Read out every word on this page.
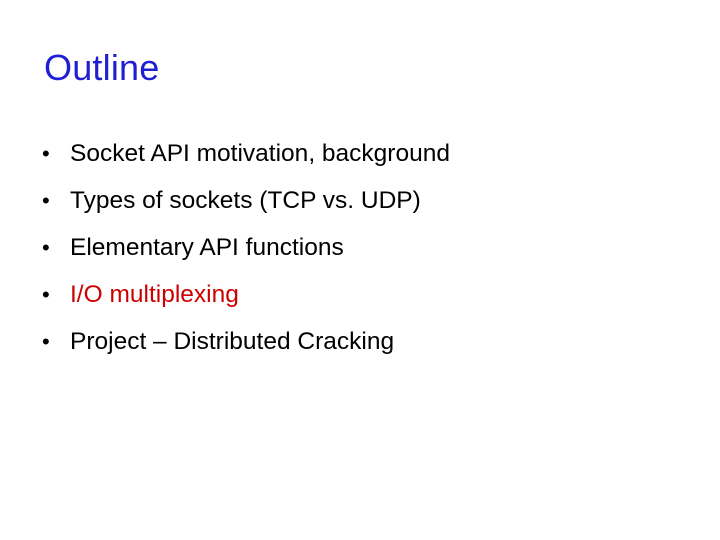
Outline
• Socket API motivation, background
• Types of sockets (TCP vs. UDP)
• Elementary API functions
• I/O multiplexing
• Project – Distributed Cracking
